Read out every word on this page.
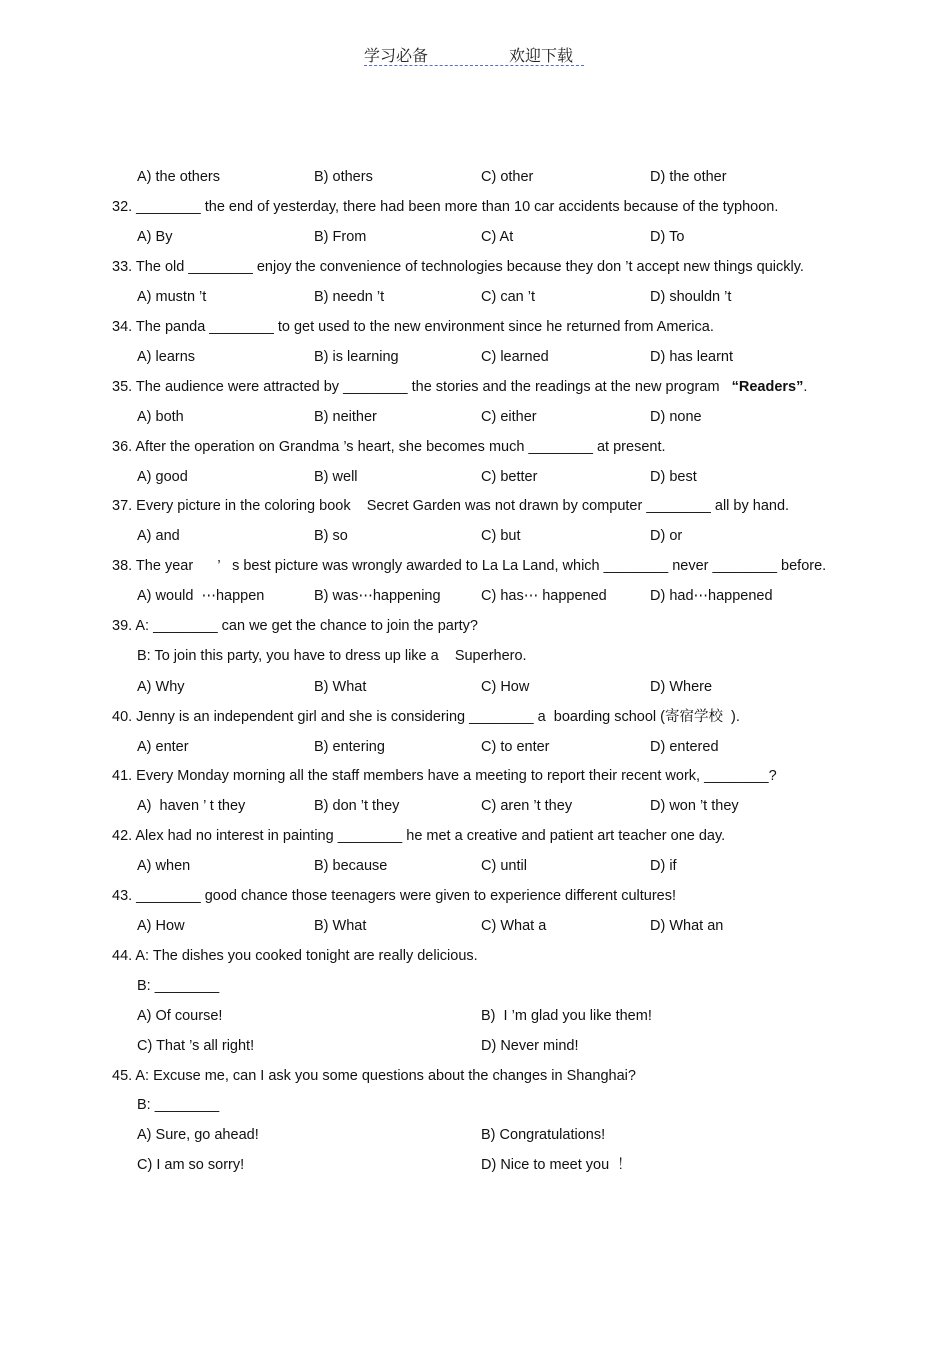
学习必备	欢迎下载
A) the others	B) others	C) other	D) the other
32. ________ the end of yesterday, there had been more than 10 car accidents because of the typhoon.
A) By	B) From	C) At	D) To
33. The old ________ enjoy the convenience of technologies because they don ’t accept new things quickly.
A) mustn ’t	B) needn ’t	C) can ’t	D) shouldn ’t
34. The panda ________ to get used to the new environment since he returned from America.
A) learns	B) is learning	C) learned	D) has learnt
35. The audience were attracted by ________ the stories and the readings at the new program   “Readers”.
A) both	B) neither	C) either	D) none
36. After the operation on Grandma ’s heart, she becomes much ________ at present.
A) good	B) well	C) better	D) best
37. Every picture in the coloring book    Secret Garden was not drawn by computer ________ all by hand.
A) and	B) so	C) but	D) or
38. The year      ’   s best picture was wrongly awarded to La La Land, which ________ never ________ before.
A) would  ⋯happen	B) was⋯happening	C) has⋯ happened	D) had⋯happened
39. A: ________ can we get the chance to join the party?
B: To join this party, you have to dress up like a    Superhero.
A) Why	B) What	C) How	D) Where
40. Jenny is an independent girl and she is considering ________ a  boarding school (寄宿学校  ).
A) enter	B) entering	C) to enter	D) entered
41. Every Monday morning all the staff members have a meeting to report their recent work, ________?
A)  haven ’ t they	B) don ’t they	C) aren ’t they	D) won ’t they
42. Alex had no interest in painting ________ he met a creative and patient art teacher one day.
A) when	B) because	C) until	D) if
43. ________ good chance those teenagers were given to experience different cultures!
A) How	B) What	C) What a	D) What an
44. A: The dishes you cooked tonight are really delicious.
B: ________
A) Of course!	B)  I ’m glad you like them!
C) That ’s all right!	D) Never mind!
45. A: Excuse me, can I ask you some questions about the changes in Shanghai?
B: ________
A) Sure, go ahead!	B) Congratulations!
C) I am so sorry!	D) Nice to meet you  ！
